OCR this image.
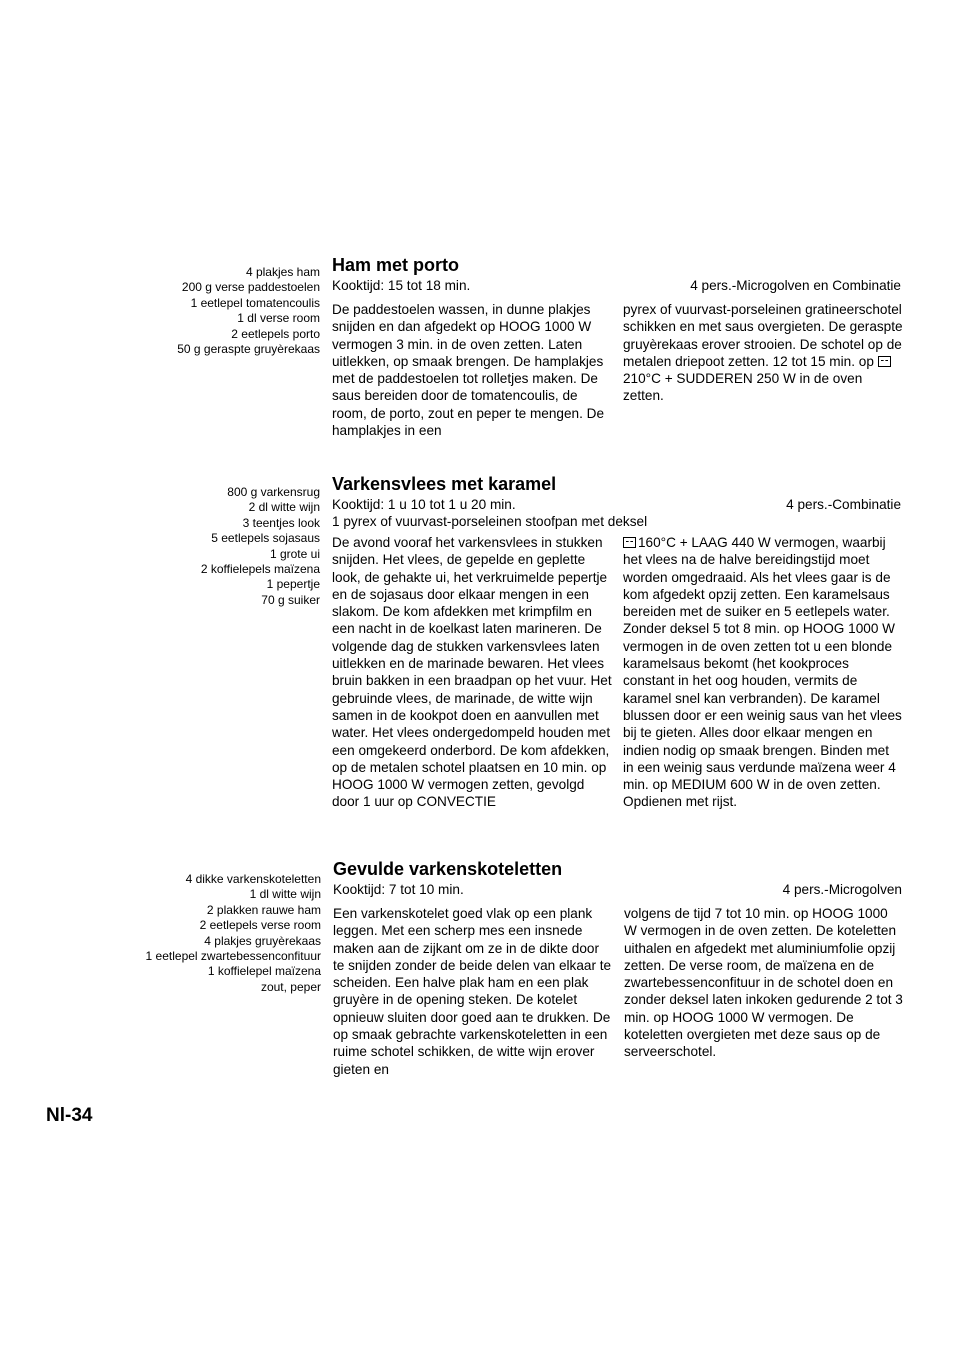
4 plakjes ham
200 g verse paddestoelen
1 eetlepel tomatencoulis
1 dl verse room
2 eetlepels porto
50 g geraspte gruyèrekaas
Ham met porto
Kooktijd: 15 tot 18 min.	4 pers.-Microgolven en Combinatie

De paddestoelen wassen, in dunne plakjes snijden en dan afgedekt op HOOG 1000 W vermogen 3 min. in de oven zetten. Laten uitlekken, op smaak brengen. De hamplakjes met de paddestoelen tot rolletjes maken. De saus bereiden door de tomatencoulis, de room, de porto, zout en peper te mengen. De hamplakjes in een

pyrex of vuurvast-porseleinen gratineerschotel schikken en met saus overgieten. De geraspte gruyèrekaas erover strooien. De schotel op de metalen driepoot zetten. 12 tot 15 min. op 210°C + SUDDEREN 250 W in de oven zetten.

800 g varkensrug
2 dl witte wijn
3 teentjes look
5 eetlepels sojasaus
1 grote ui
2 koffielepels maïzena
1 pepertje
70 g suiker
Varkensvlees met karamel
Kooktijd: 1 u 10 tot 1 u 20 min.	4 pers.-Combinatie
1 pyrex of vuurvast-porseleinen stoofpan met deksel

De avond vooraf het varkensvlees in stukken snijden. Het vlees, de gepelde en geplette look, de gehakte ui, het verkruimelde pepertje en de sojasaus door elkaar mengen in een slakom. De kom afdekken met krimpfilm en een nacht in de koelkast laten marineren. De volgende dag de stukken varkensvlees laten uitlekken en de marinade bewaren. Het vlees bruin bakken in een braadpan op het vuur. Het gebruinde vlees, de marinade, de witte wijn samen in de kookpot doen en aanvullen met water. Het vlees ondergedompeld houden met een omgekeerd onderbord. De kom afdekken, op de metalen schotel plaatsen en 10 min. op HOOG 1000 W vermogen zetten, gevolgd door 1 uur op CONVECTIE

160°C + LAAG 440 W vermogen, waarbij het vlees na de halve bereidingstijd moet worden omgedraaid. Als het vlees gaar is de kom afgedekt opzij zetten. Een karamelsaus bereiden met de suiker en 5 eetlepels water. Zonder deksel 5 tot 8 min. op HOOG 1000 W vermogen in de oven zetten tot u een blonde karamelsaus bekomt (het kookproces constant in het oog houden, vermits de karamel snel kan verbranden). De karamel blussen door er een weinig saus van het vlees bij te gieten. Alles door elkaar mengen en indien nodig op smaak brengen. Binden met in een weinig saus verdunde maïzena weer 4 min. op MEDIUM 600 W in de oven zetten. Opdienen met rijst.

4 dikke varkenskoteletten
1 dl witte wijn
2 plakken rauwe ham
2 eetlepels verse room
4 plakjes gruyèrekaas
1 eetlepel zwartebessenconfituur
1 koffielepel maïzena
zout, peper
Gevulde varkenskoteletten
Kooktijd: 7 tot 10 min.	4 pers.-Microgolven

Een varkenskotelet goed vlak op een plank leggen. Met een scherp mes een insnede maken aan de zijkant om ze in de dikte door te snijden zonder de beide delen van elkaar te scheiden. Een halve plak ham en een plak gruyère in de opening steken. De kotelet opnieuw sluiten door goed aan te drukken. De op smaak gebrachte varkenskoteletten in een ruime schotel schikken, de witte wijn erover gieten en

volgens de tijd 7 tot 10 min. op HOOG 1000 W vermogen in de oven zetten. De koteletten uithalen en afgedekt met aluminiumfolie opzij zetten. De verse room, de maïzena en de zwartebessenconfituur in de schotel doen en zonder deksel laten inkoken gedurende 2 tot 3 min. op HOOG 1000 W vermogen. De koteletten overgieten met deze saus op de serveerschotel.

Nl-34
